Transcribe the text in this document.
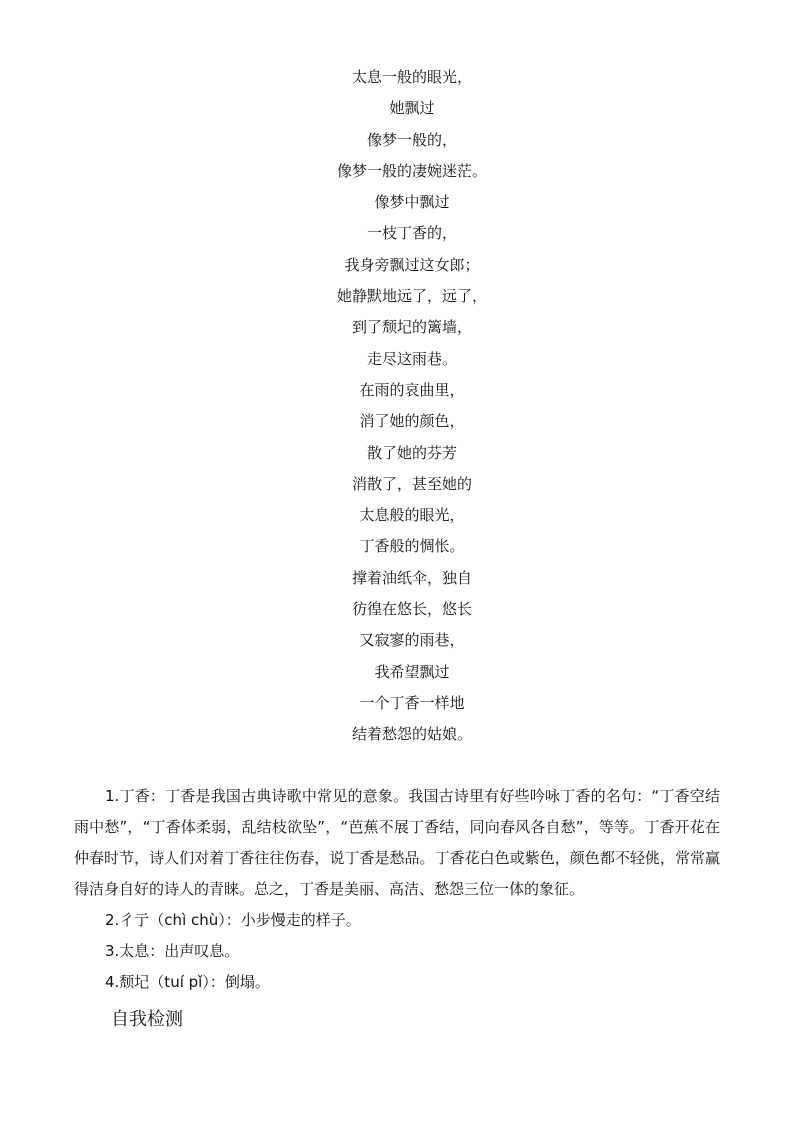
太息一般的眼光，
她飘过
像梦一般的，
像梦一般的凄婉迷茫。
像梦中飘过
一枝丁香的，
我身旁飘过这女郎；
她静默地远了，远了，
到了颓圮的篱墙，
走尽这雨巷。
在雨的哀曲里，
消了她的颜色，
散了她的芬芳
消散了，甚至她的
太息般的眼光，
丁香般的惆怅。
撑着油纸伞，独自
彷徨在悠长，悠长
又寂寥的雨巷，
我希望飘过
一个丁香一样地
结着愁怨的姑娘。

1.丁香：丁香是我国古典诗歌中常见的意象。我国古诗里有好些吟咏丁香的名句：“丁香空结雨中愁”，“丁香体柔弱，乱结枝欲坠”，“芭蕉不展丁香结，同向春风各自愁”，等等。丁香开花在仲春时节，诗人们对着丁香往往伤春，说丁香是愁品。丁香花白色或紫色，颜色都不轻佻，常常赢得洁身自好的诗人的青睐。总之，丁香是美丽、高洁、愁怨三位一体的象征。

2.彳亍（chì chù）：小步慢走的样子。

3.太息：出声叹息。

4.颓圮（tuí pǐ）：倒塌。

自我检测
